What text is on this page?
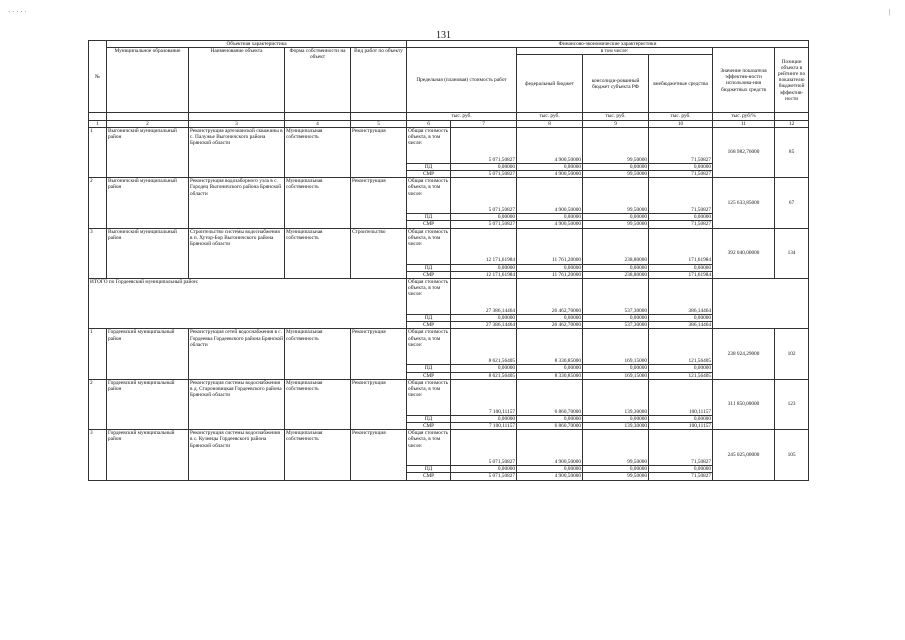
· · · · ·	|
131
№	Объектная характеристика				Финансово-экономические характеристики						
	Муниципальное образование	Наименование объекта	Форма собственности на объект	Вид работ по объекту	Предельная (плановая) стоимость работ		в том числе:			Значение показателя эффектив-ности использова-ния бюджетных средств	Позиции объекта в рейтинге по показателю бюджетной эффектив-ности
							федеральный бюджет	консолиди-рованный бюджет субъекта РФ	внебюджетные средства		
					тыс. руб.		тыс. руб.	тыс. руб.	тыс. руб.	тыс. руб/%	
1	2	3	4	5	6	7	8	9	10	11	12
1	Выгоничский муниципальный район	Реконструкция артезианской скважины в с. Палужье Выгоничского района Брянской области	Муниципальная собственность	Реконструкция	Общая стоимость объекта, в том числе:	5 071,50827	4 900,50000	99,50000	71,50827	168 982,76000	85
					ПД	0,00000	0,00000	0,00000	0,00000		
					СМР	5 071,50827	4 900,50000	99,50000	71,50827		
2	Выгоничский муниципальный район	Реконструкция водозаборного узла в с. Городец Выгоничского района Брянской области	Муниципальная собственность	Реконструкция	Общая стоимость объекта, в том числе:	5 071,50827	4 900,50000	99,50000	71,50827	125 633,85000	67
					ПД	0,00000	0,00000	0,00000	0,00000		
					СМР	5 071,50827	4 900,50000	99,50000	71,50827		
3	Выгоничский муниципальный район	Строительство системы водоснабжения в п. Хутор-Бор Выгоничского района Брянской области	Муниципальная собственность	Строительство	Общая стоимость объекта, в том числе:	12 171,61984	11 761,20000	238,80000	171,61984	392 040,00000	134
					ПД	0,00000	0,00000	0,00000	0,00000		
					СМР	12 171,61984	11 761,20000	238,80000	171,61984		
ИТОГО по Гордеевский муниципальный район:					Общая стоимость объекта, в том числе:	27 386,14464	26 462,70000	537,30000	386,14464		
					ПД	0,00000	0,00000	0,00000	0,00000		
					СМР	27 386,14464	26 462,70000	537,30000	386,14464		
1	Гордеевский муниципальный район	Реконструкция сетей водоснабжения в с. Гордеевка Гордеевского района Брянской области	Муниципальная собственность	Реконструкция	Общая стоимость объекта, в том числе:	8 621,56405	8 330,85000	169,15000	121,56405	238 024,29000	102
					ПД	0,00000	0,00000	0,00000	0,00000		
					СМР	8 621,56405	8 330,85000	169,15000	121,56405		
2	Гордеевский муниципальный район	Реконструкция системы водоснабжения в д. Староновицкая Гордеевского района Брянской области	Муниципальная собственность	Реконструкция	Общая стоимость объекта, в том числе:	7 100,11157	6 860,70000	139,30000	100,11157	311 850,00000	123
					ПД	0,00000	0,00000	0,00000	0,00000		
					СМР	7 100,11157	6 860,70000	139,30000	100,11157		
3	Гордеевский муниципальный район	Реконструкция системы водоснабжения в с. Кузнецы Гордеевского района Брянской области	Муниципальная собственность	Реконструкция	Общая стоимость объекта, в том числе:	5 071,50827	4 900,50000	99,50000	71,50827	245 025,00000	105
					ПД	0,00000	0,00000	0,00000	0,00000		
					СМР	5 071,50827	4 900,50000	99,50000	71,50827		
